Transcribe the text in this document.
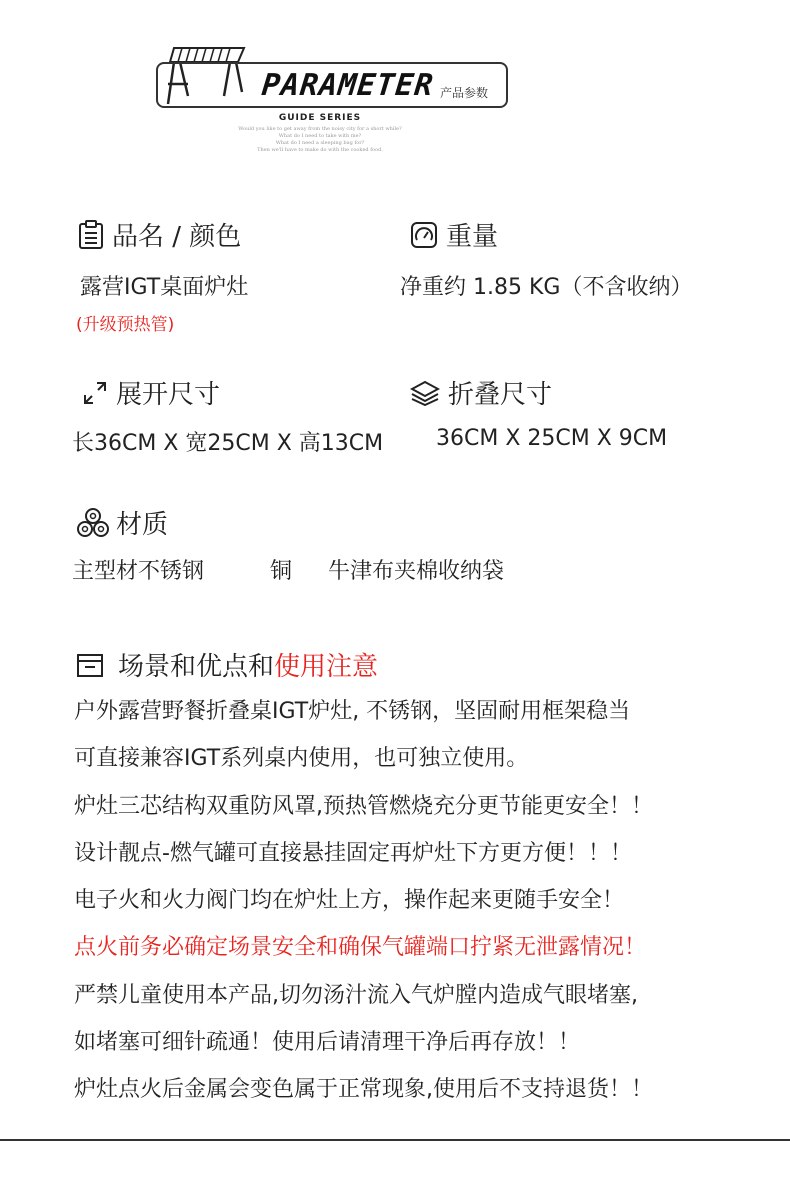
PARAMETER 产品参数
GUIDE SERIES
Would you like to get away from the noisy city for a short while?
What do I need to take with me?
What do I need a sleeping bag for?
Then we'll have to make do with the cooked food.
品名 / 颜色
露营IGT桌面炉灶
(升级预热管)
重量
净重约 1.85 KG（不含收纳）
展开尺寸
长36CM X 宽25CM X 高13CM
折叠尺寸
36CM X 25CM X 9CM
材质
主型材不锈钢	铜 牛津布夹棉收纳袋
场景和优点和 使用注意
户外露营野餐折叠桌IGT炉灶, 不锈钢，坚固耐用框架稳当
可直接兼容IGT系列桌内使用，也可独立使用。
炉灶三芯结构双重防风罩,预热管燃烧充分更节能更安全！！
设计靓点-燃气罐可直接悬挂固定再炉灶下方更方便！！！
电子火和火力阀门均在炉灶上方，操作起来更随手安全！
点火前务必确定场景安全和确保气罐端口拧紧无泄露情况！
严禁儿童使用本产品,切勿汤汁流入气炉膛内造成气眼堵塞,
如堵塞可细针疏通！使用后请清理干净后再存放！！
炉灶点火后金属会变色属于正常现象,使用后不支持退货！！
